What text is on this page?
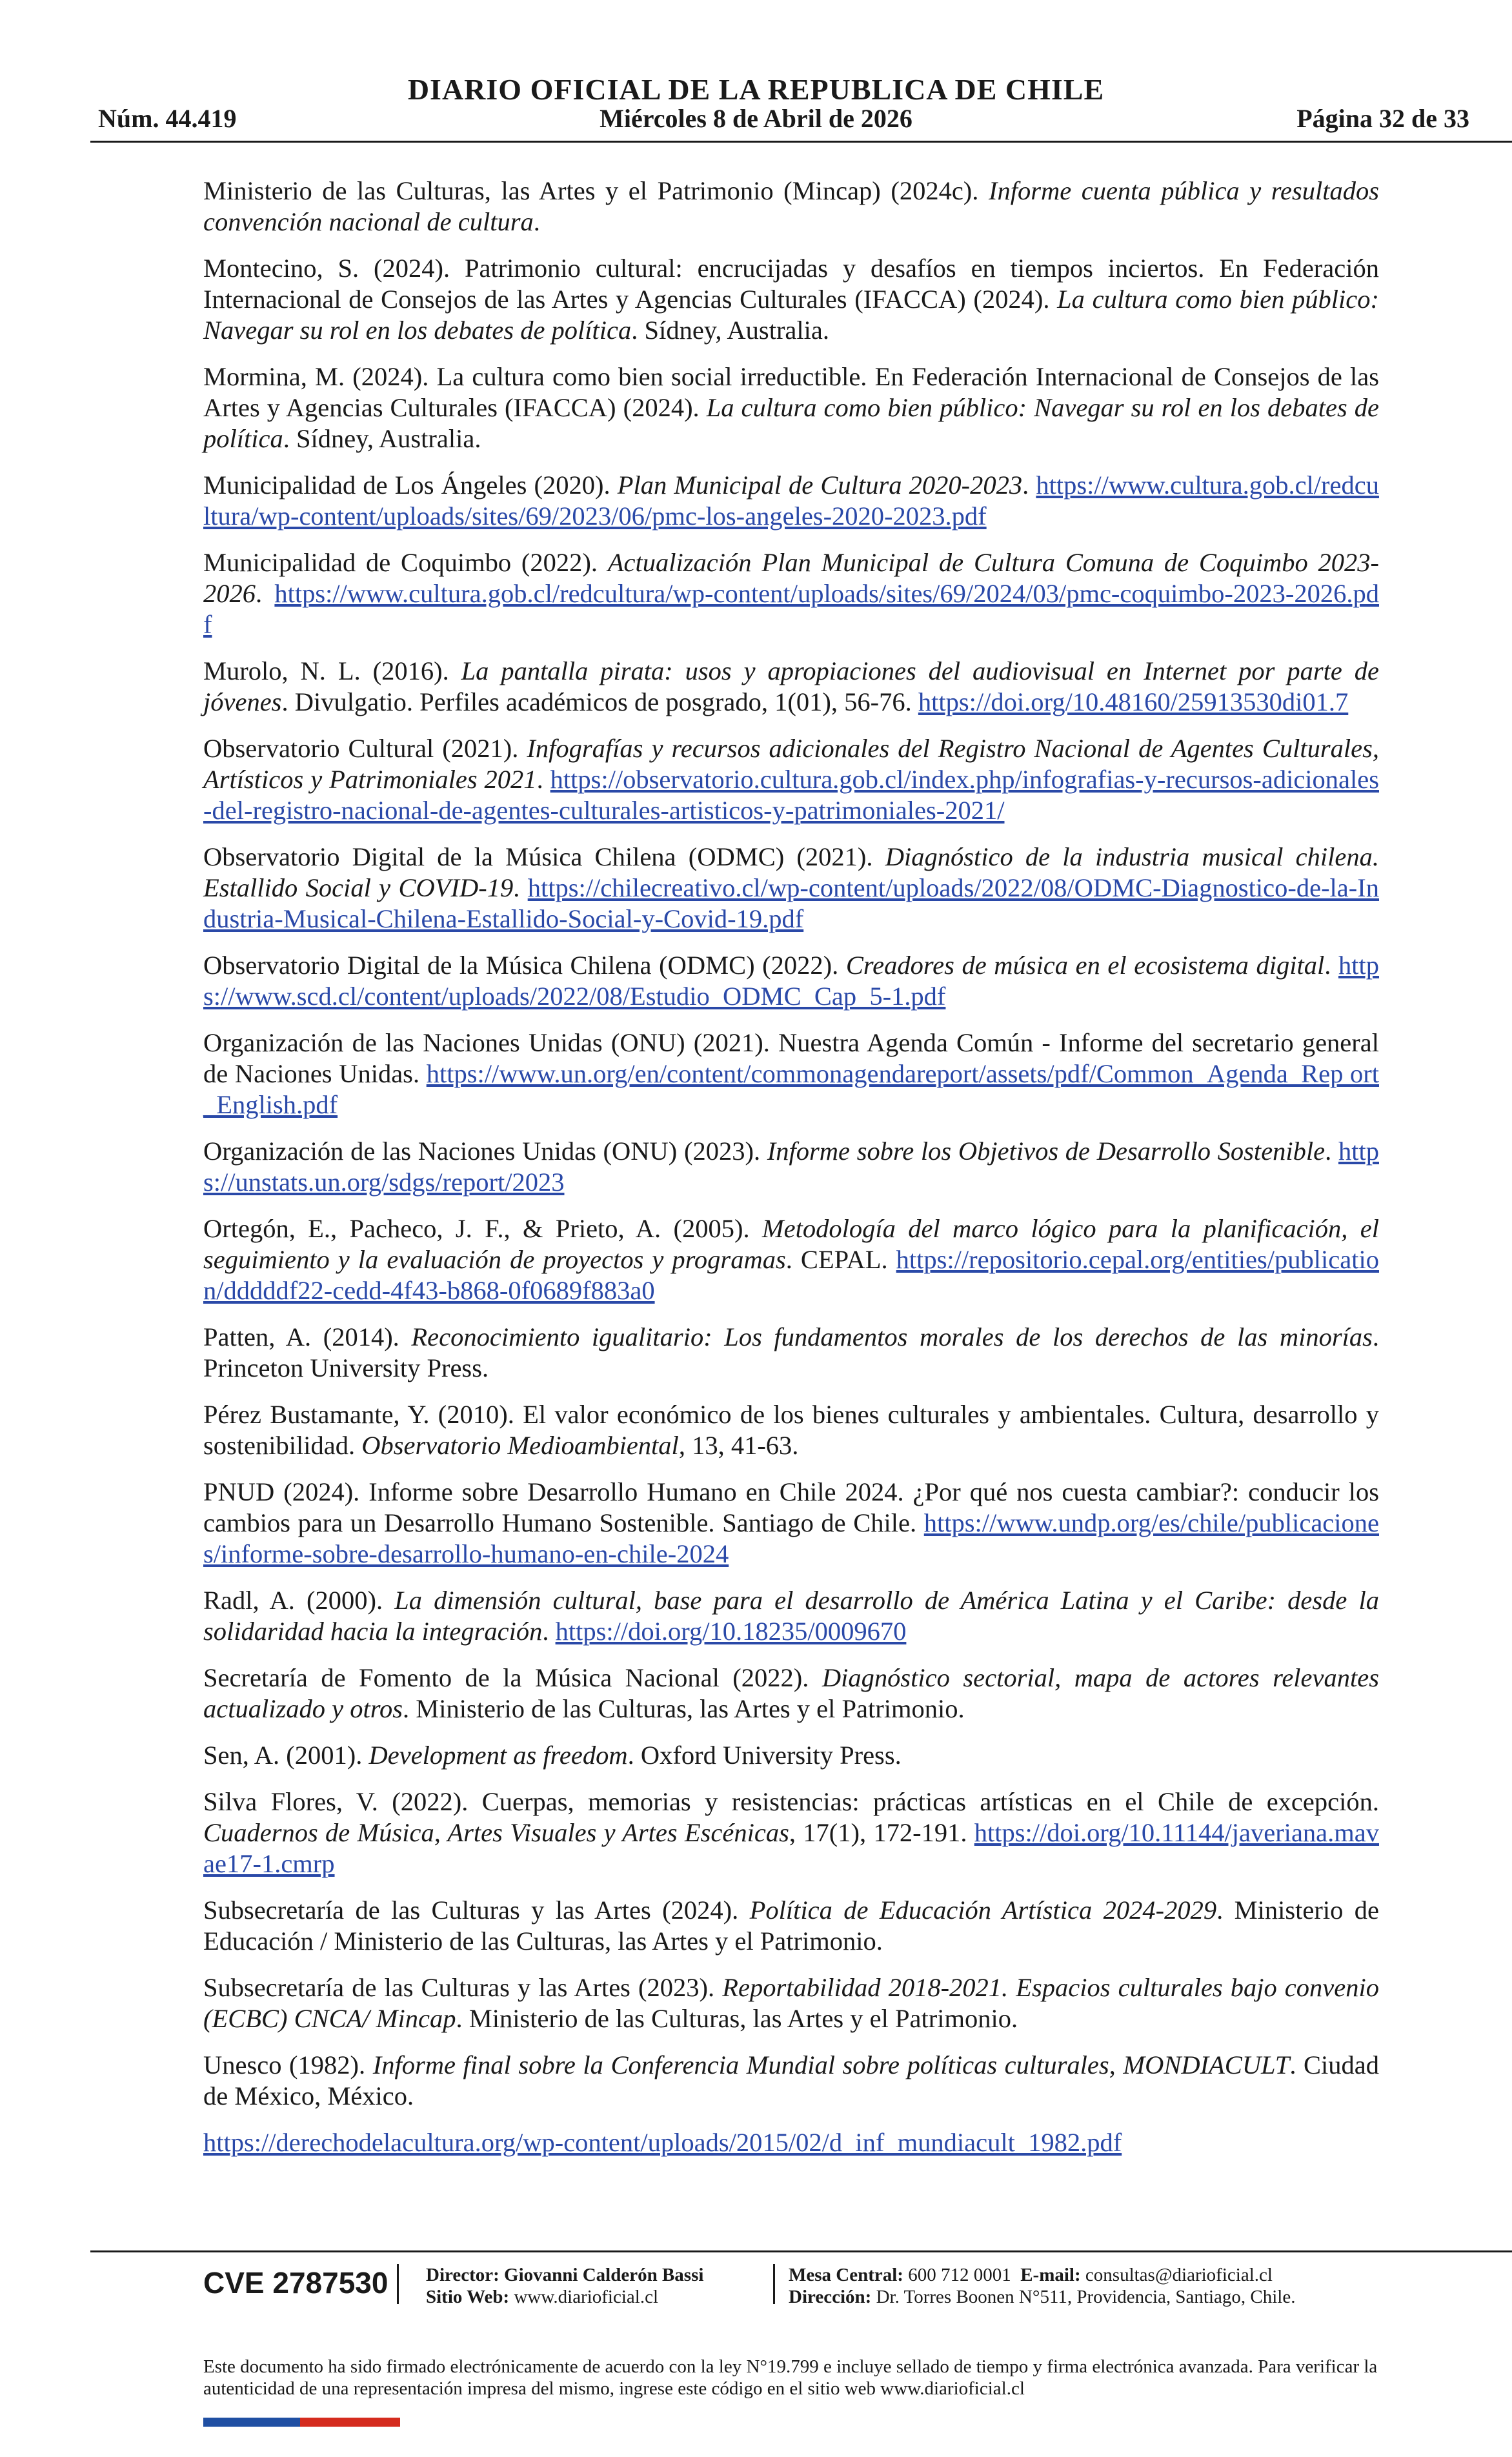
DIARIO OFICIAL DE LA REPUBLICA DE CHILE
Núm. 44.419	Miércoles 8 de Abril de 2026	Página 32 de 33

Ministerio de las Culturas, las Artes y el Patrimonio (Mincap) (2024c). Informe cuenta pública y resultados convención nacional de cultura.

Montecino, S. (2024). Patrimonio cultural: encrucijadas y desafíos en tiempos inciertos. En Federación Internacional de Consejos de las Artes y Agencias Culturales (IFACCA) (2024). La cultura como bien público: Navegar su rol en los debates de política. Sídney, Australia.

Mormina, M. (2024). La cultura como bien social irreductible. En Federación Internacional de Consejos de las Artes y Agencias Culturales (IFACCA) (2024). La cultura como bien público: Navegar su rol en los debates de política. Sídney, Australia.

Municipalidad de Los Ángeles (2020). Plan Municipal de Cultura 2020-2023. https://www.cultura.gob.cl/redcultura/wp-content/uploads/sites/69/2023/06/pmc-los-angeles-2020-2023.pdf

Municipalidad de Coquimbo (2022). Actualización Plan Municipal de Cultura Comuna de Coquimbo 2023-2026. https://www.cultura.gob.cl/redcultura/wp-content/uploads/sites/69/2024/03/pmc-coquimbo-2023-2026.pdf

Murolo, N. L. (2016). La pantalla pirata: usos y apropiaciones del audiovisual en Internet por parte de jóvenes. Divulgatio. Perfiles académicos de posgrado, 1(01), 56-76. https://doi.org/10.48160/25913530di01.7

Observatorio Cultural (2021). Infografías y recursos adicionales del Registro Nacional de Agentes Culturales, Artísticos y Patrimoniales 2021. https://observatorio.cultura.gob.cl/index.php/infografias-y-recursos-adicionales-del-registro-nacional-de-agentes-culturales-artisticos-y-patrimoniales-2021/

Observatorio Digital de la Música Chilena (ODMC) (2021). Diagnóstico de la industria musical chilena. Estallido Social y COVID-19. https://chilecreativo.cl/wp-content/uploads/2022/08/ODMC-Diagnostico-de-la-Industria-Musical-Chilena-Estallido-Social-y-Covid-19.pdf

Observatorio Digital de la Música Chilena (ODMC) (2022). Creadores de música en el ecosistema digital. https://www.scd.cl/content/uploads/2022/08/Estudio_ODMC_Cap_5-1.pdf

Organización de las Naciones Unidas (ONU) (2021). Nuestra Agenda Común - Informe del secretario general de Naciones Unidas. https://www.un.org/en/content/commonagendareport/assets/pdf/Common_Agenda_Rep ort_English.pdf

Organización de las Naciones Unidas (ONU) (2023). Informe sobre los Objetivos de Desarrollo Sostenible. https://unstats.un.org/sdgs/report/2023

Ortegón, E., Pacheco, J. F., & Prieto, A. (2005). Metodología del marco lógico para la planificación, el seguimiento y la evaluación de proyectos y programas. CEPAL. https://repositorio.cepal.org/entities/publication/dddddf22-cedd-4f43-b868-0f0689f883a0

Patten, A. (2014). Reconocimiento igualitario: Los fundamentos morales de los derechos de las minorías. Princeton University Press.

Pérez Bustamante, Y. (2010). El valor económico de los bienes culturales y ambientales. Cultura, desarrollo y sostenibilidad. Observatorio Medioambiental, 13, 41-63.

PNUD (2024). Informe sobre Desarrollo Humano en Chile 2024. ¿Por qué nos cuesta cambiar?: conducir los cambios para un Desarrollo Humano Sostenible. Santiago de Chile. https://www.undp.org/es/chile/publicaciones/informe-sobre-desarrollo-humano-en-chile-2024

Radl, A. (2000). La dimensión cultural, base para el desarrollo de América Latina y el Caribe: desde la solidaridad hacia la integración. https://doi.org/10.18235/0009670

Secretaría de Fomento de la Música Nacional (2022). Diagnóstico sectorial, mapa de actores relevantes actualizado y otros. Ministerio de las Culturas, las Artes y el Patrimonio.

Sen, A. (2001). Development as freedom. Oxford University Press.

Silva Flores, V. (2022). Cuerpas, memorias y resistencias: prácticas artísticas en el Chile de excepción. Cuadernos de Música, Artes Visuales y Artes Escénicas, 17(1), 172-191. https://doi.org/10.11144/javeriana.mavae17-1.cmrp

Subsecretaría de las Culturas y las Artes (2024). Política de Educación Artística 2024-2029. Ministerio de Educación / Ministerio de las Culturas, las Artes y el Patrimonio.

Subsecretaría de las Culturas y las Artes (2023). Reportabilidad 2018-2021. Espacios culturales bajo convenio (ECBC) CNCA/ Mincap. Ministerio de las Culturas, las Artes y el Patrimonio.

Unesco (1982). Informe final sobre la Conferencia Mundial sobre políticas culturales, MONDIACULT. Ciudad de México, México.

https://derechodelacultura.org/wp-content/uploads/2015/02/d_inf_mundiacult_1982.pdf

CVE 2787530 Director: Giovanni Calderón Bassi
Sitio Web: www.diarioficial.cl
Mesa Central: 600 712 0001 E-mail: consultas@diarioficial.cl
Dirección: Dr. Torres Boonen N°511, Providencia, Santiago, Chile.
Este documento ha sido firmado electrónicamente de acuerdo con la ley N°19.799 e incluye sellado de tiempo y firma electrónica avanzada. Para verificar la autenticidad de una representación impresa del mismo, ingrese este código en el sitio web www.diarioficial.cl
